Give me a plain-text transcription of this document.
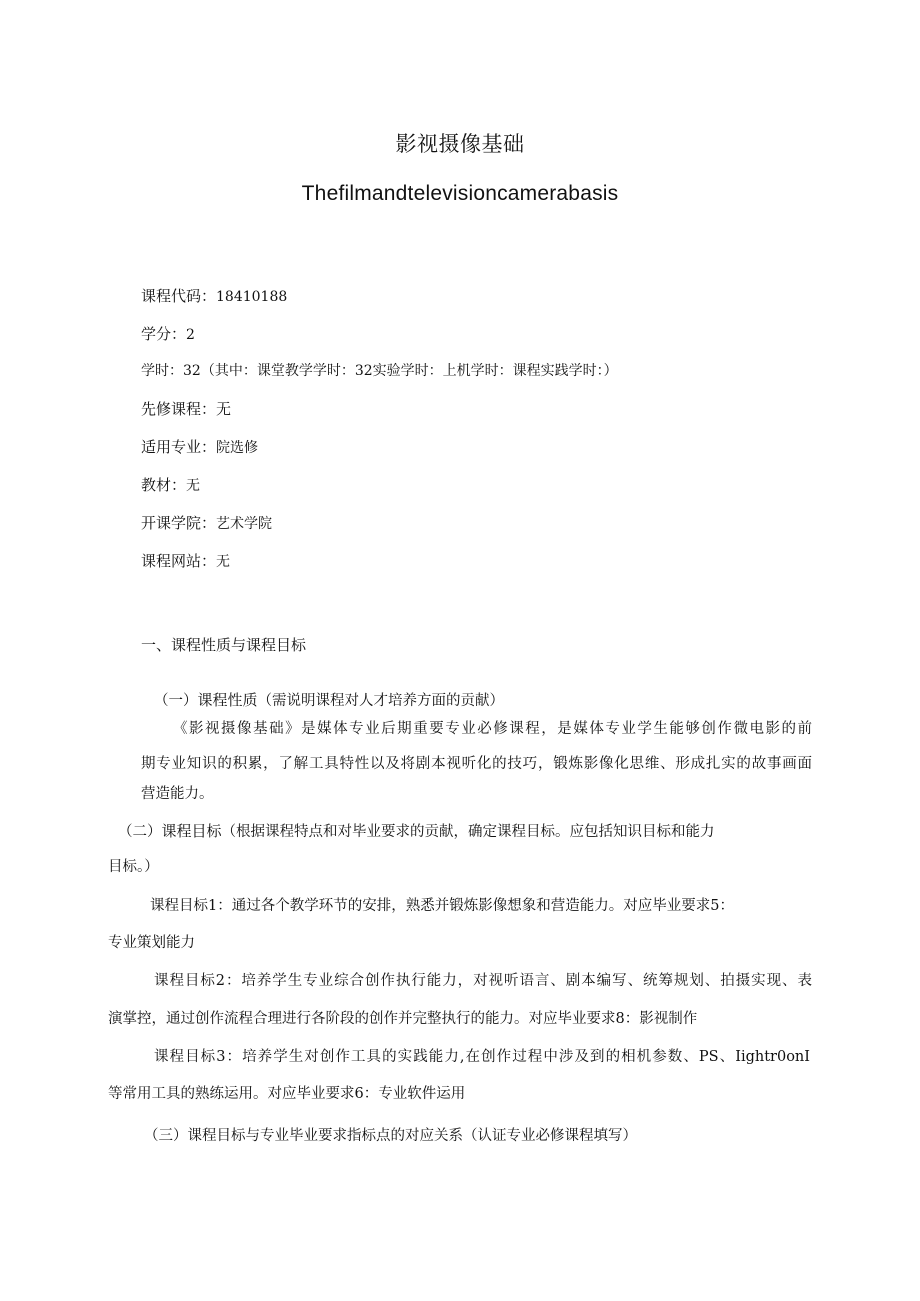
影视摄像基础
Thefilmandtelevisioncamerabasis
课程代码：18410188
学分：2
学时：32（其中：课堂教学学时：32实验学时：上机学时：课程实践学时：）
先修课程：无
适用专业：院选修
教材：无
开课学院：艺术学院
课程网站：无
一、课程性质与课程目标
（一）课程性质（需说明课程对人才培养方面的贡献）
《影视摄像基础》是媒体专业后期重要专业必修课程，是媒体专业学生能够创作微电影的前
期专业知识的积累，了解工具特性以及将剧本视听化的技巧，锻炼影像化思维、形成扎实的故事画面
营造能力。
（二）课程目标（根据课程特点和对毕业要求的贡献，确定课程目标。应包括知识目标和能力
目标。）
课程目标1：通过各个教学环节的安排，熟悉并锻炼影像想象和营造能力。对应毕业要求5：
专业策划能力
课程目标2：培养学生专业综合创作执行能力，对视听语言、剧本编写、统筹规划、拍摄实现、表
演掌控，通过创作流程合理进行各阶段的创作并完整执行的能力。对应毕业要求8：影视制作
课程目标3：培养学生对创作工具的实践能力,在创作过程中涉及到的相机参数、PS、Iightr0onI
等常用工具的熟练运用。对应毕业要求6：专业软件运用
（三）课程目标与专业毕业要求指标点的对应关系（认证专业必修课程填写）
